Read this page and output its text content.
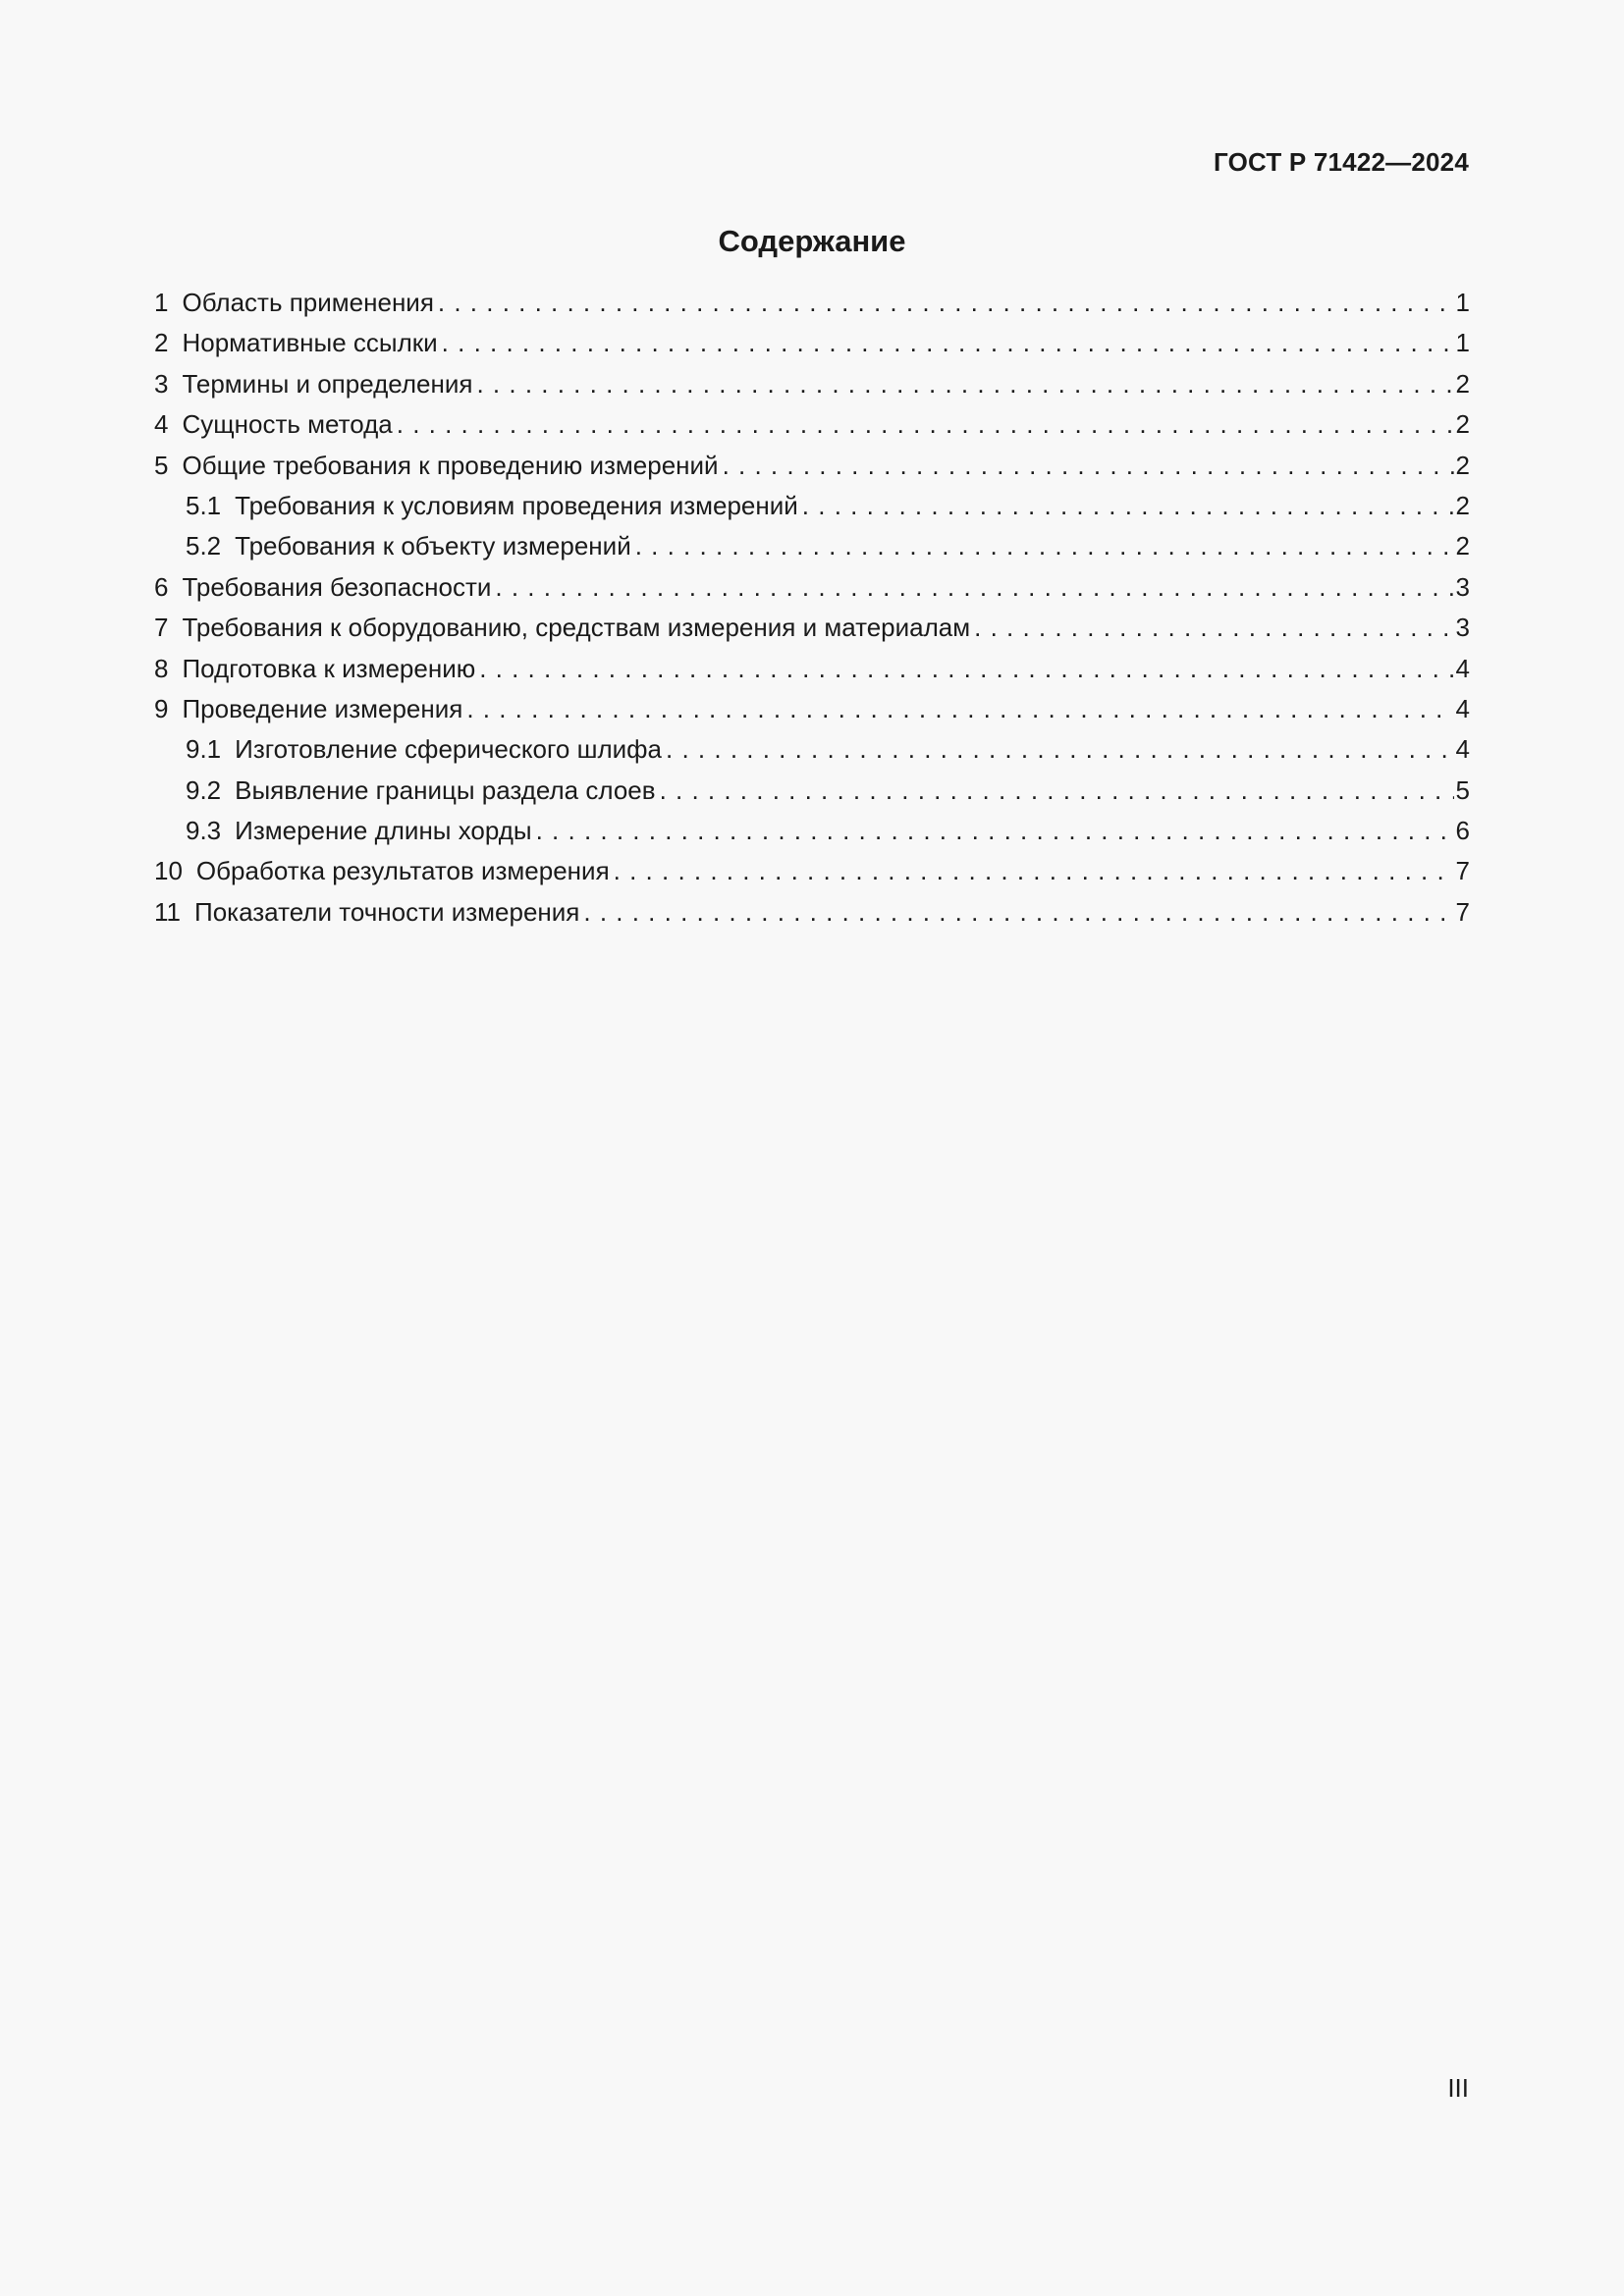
ГОСТ Р 71422—2024
Содержание
1 Область применения . . .	1
2 Нормативные ссылки . . .	1
3 Термины и определения . . .	2
4 Сущность метода . . .	2
5 Общие требования к проведению измерений . . .	2
5.1 Требования к условиям проведения измерений . . .	2
5.2 Требования к объекту измерений . . .	2
6 Требования безопасности . . .	3
7 Требования к оборудованию, средствам измерения и материалам . . .	3
8 Подготовка к измерению . . .	4
9 Проведение измерения . . .	4
9.1 Изготовление сферического шлифа . . .	4
9.2 Выявление границы раздела слоев . . .	5
9.3 Измерение длины хорды . . .	6
10 Обработка результатов измерения . . .	7
11 Показатели точности измерения . . .	7
III
